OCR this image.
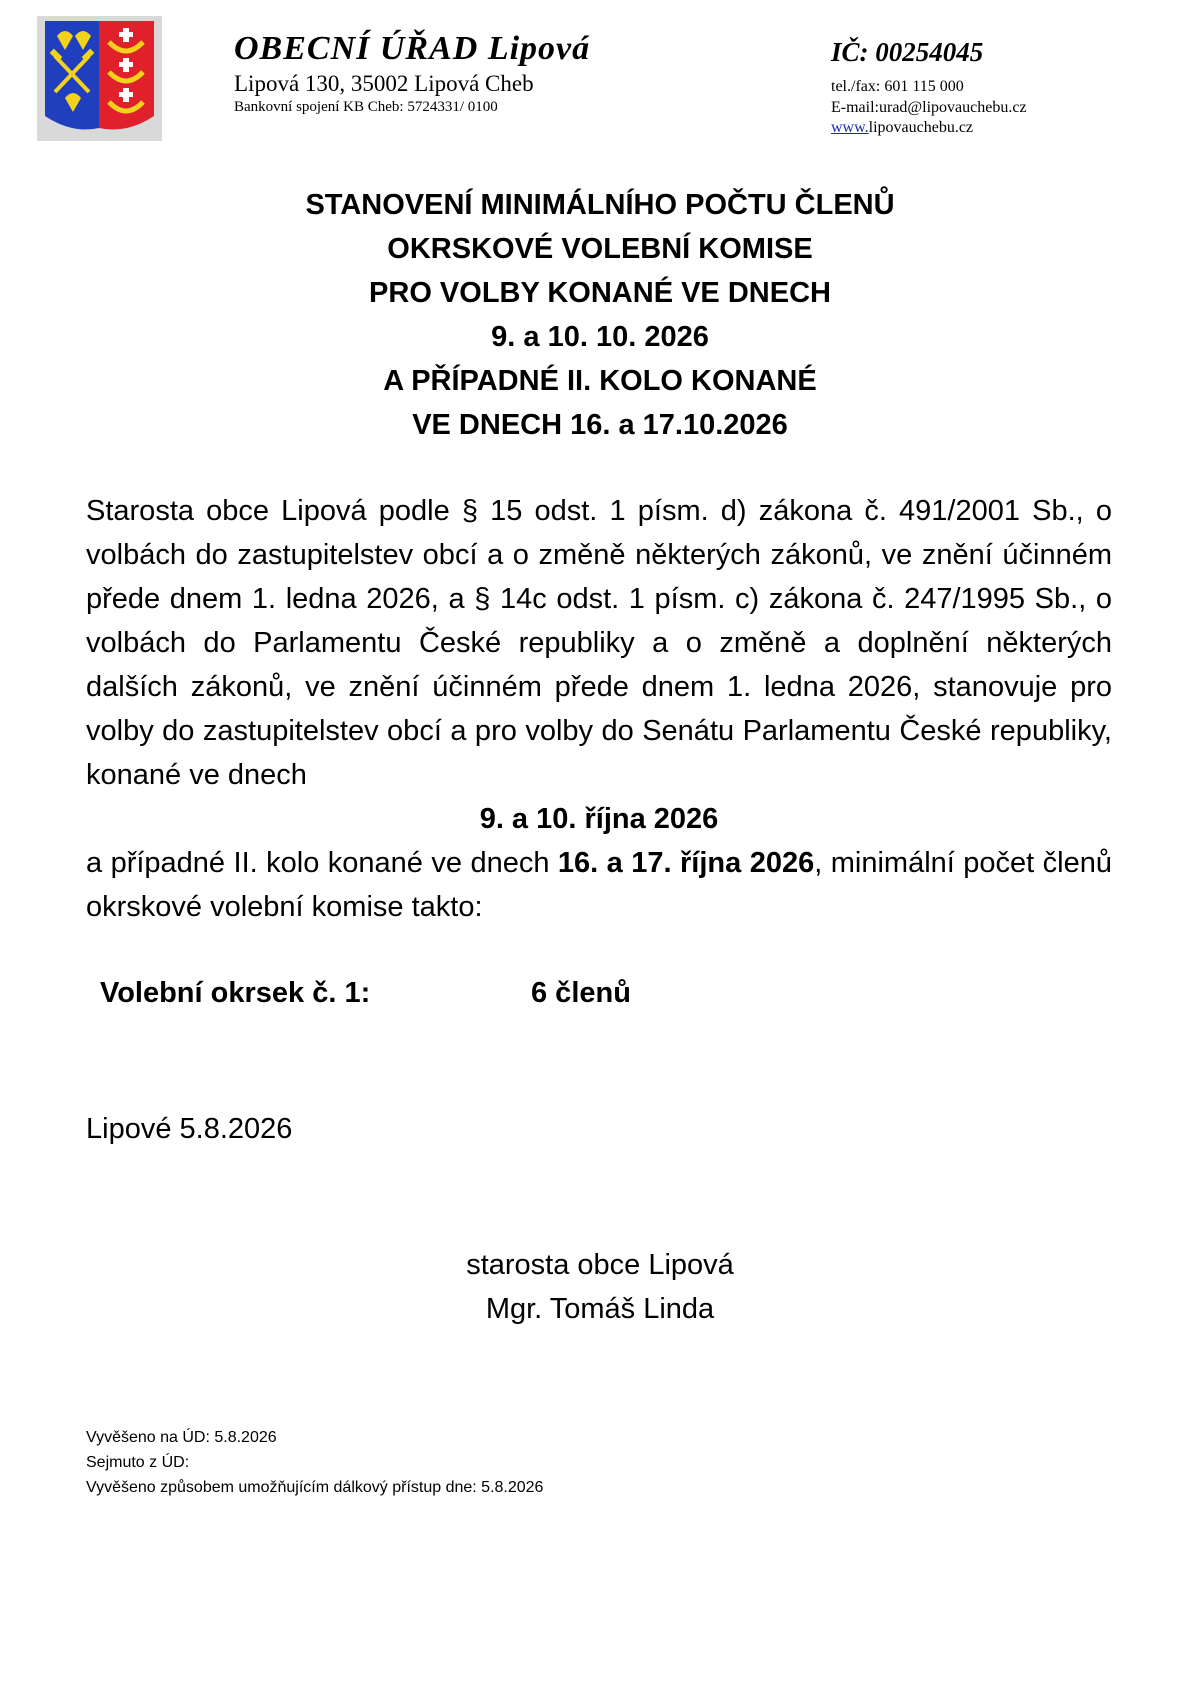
OBECNÍ ÚŘAD Lipová
Lipová 130, 35002 Lipová Cheb
Bankovní spojení KB Cheb: 5724331/ 0100
IČ: 00254045
tel./fax: 601 115 000
E-mail:urad@lipovauchebu.cz
www.lipovauchebu.cz
STANOVENÍ MINIMÁLNÍHO POČTU ČLENŮ
OKRSKOVÉ VOLEBNÍ KOMISE
PRO VOLBY KONANÉ VE DNECH
9. a 10. 10. 2026
A PŘÍPADNÉ II. KOLO KONANÉ
VE DNECH 16. a 17.10.2026
Starosta obce Lipová podle § 15 odst. 1 písm. d) zákona č. 491/2001 Sb., o volbách do zastupitelstev obcí a o změně některých zákonů, ve znění účinném přede dnem 1. ledna 2026, a § 14c odst. 1 písm. c) zákona č. 247/1995 Sb., o volbách do Parlamentu České republiky a o změně a doplnění některých dalších zákonů, ve znění účinném přede dnem 1. ledna 2026, stanovuje pro volby do zastupitelstev obcí a pro volby do Senátu Parlamentu České republiky, konané ve dnech
9. a 10. října 2026
a případné II. kolo konané ve dnech 16. a 17. října 2026, minimální počet členů okrskové volební komise takto:
Volební okrsek č. 1:	6 členů
Lipové 5.8.2026
starosta obce Lipová
Mgr. Tomáš Linda
Vyvěšeno na ÚD: 5.8.2026
Sejmuto z ÚD:
Vyvěšeno způsobem umožňujícím dálkový přístup dne: 5.8.2026
